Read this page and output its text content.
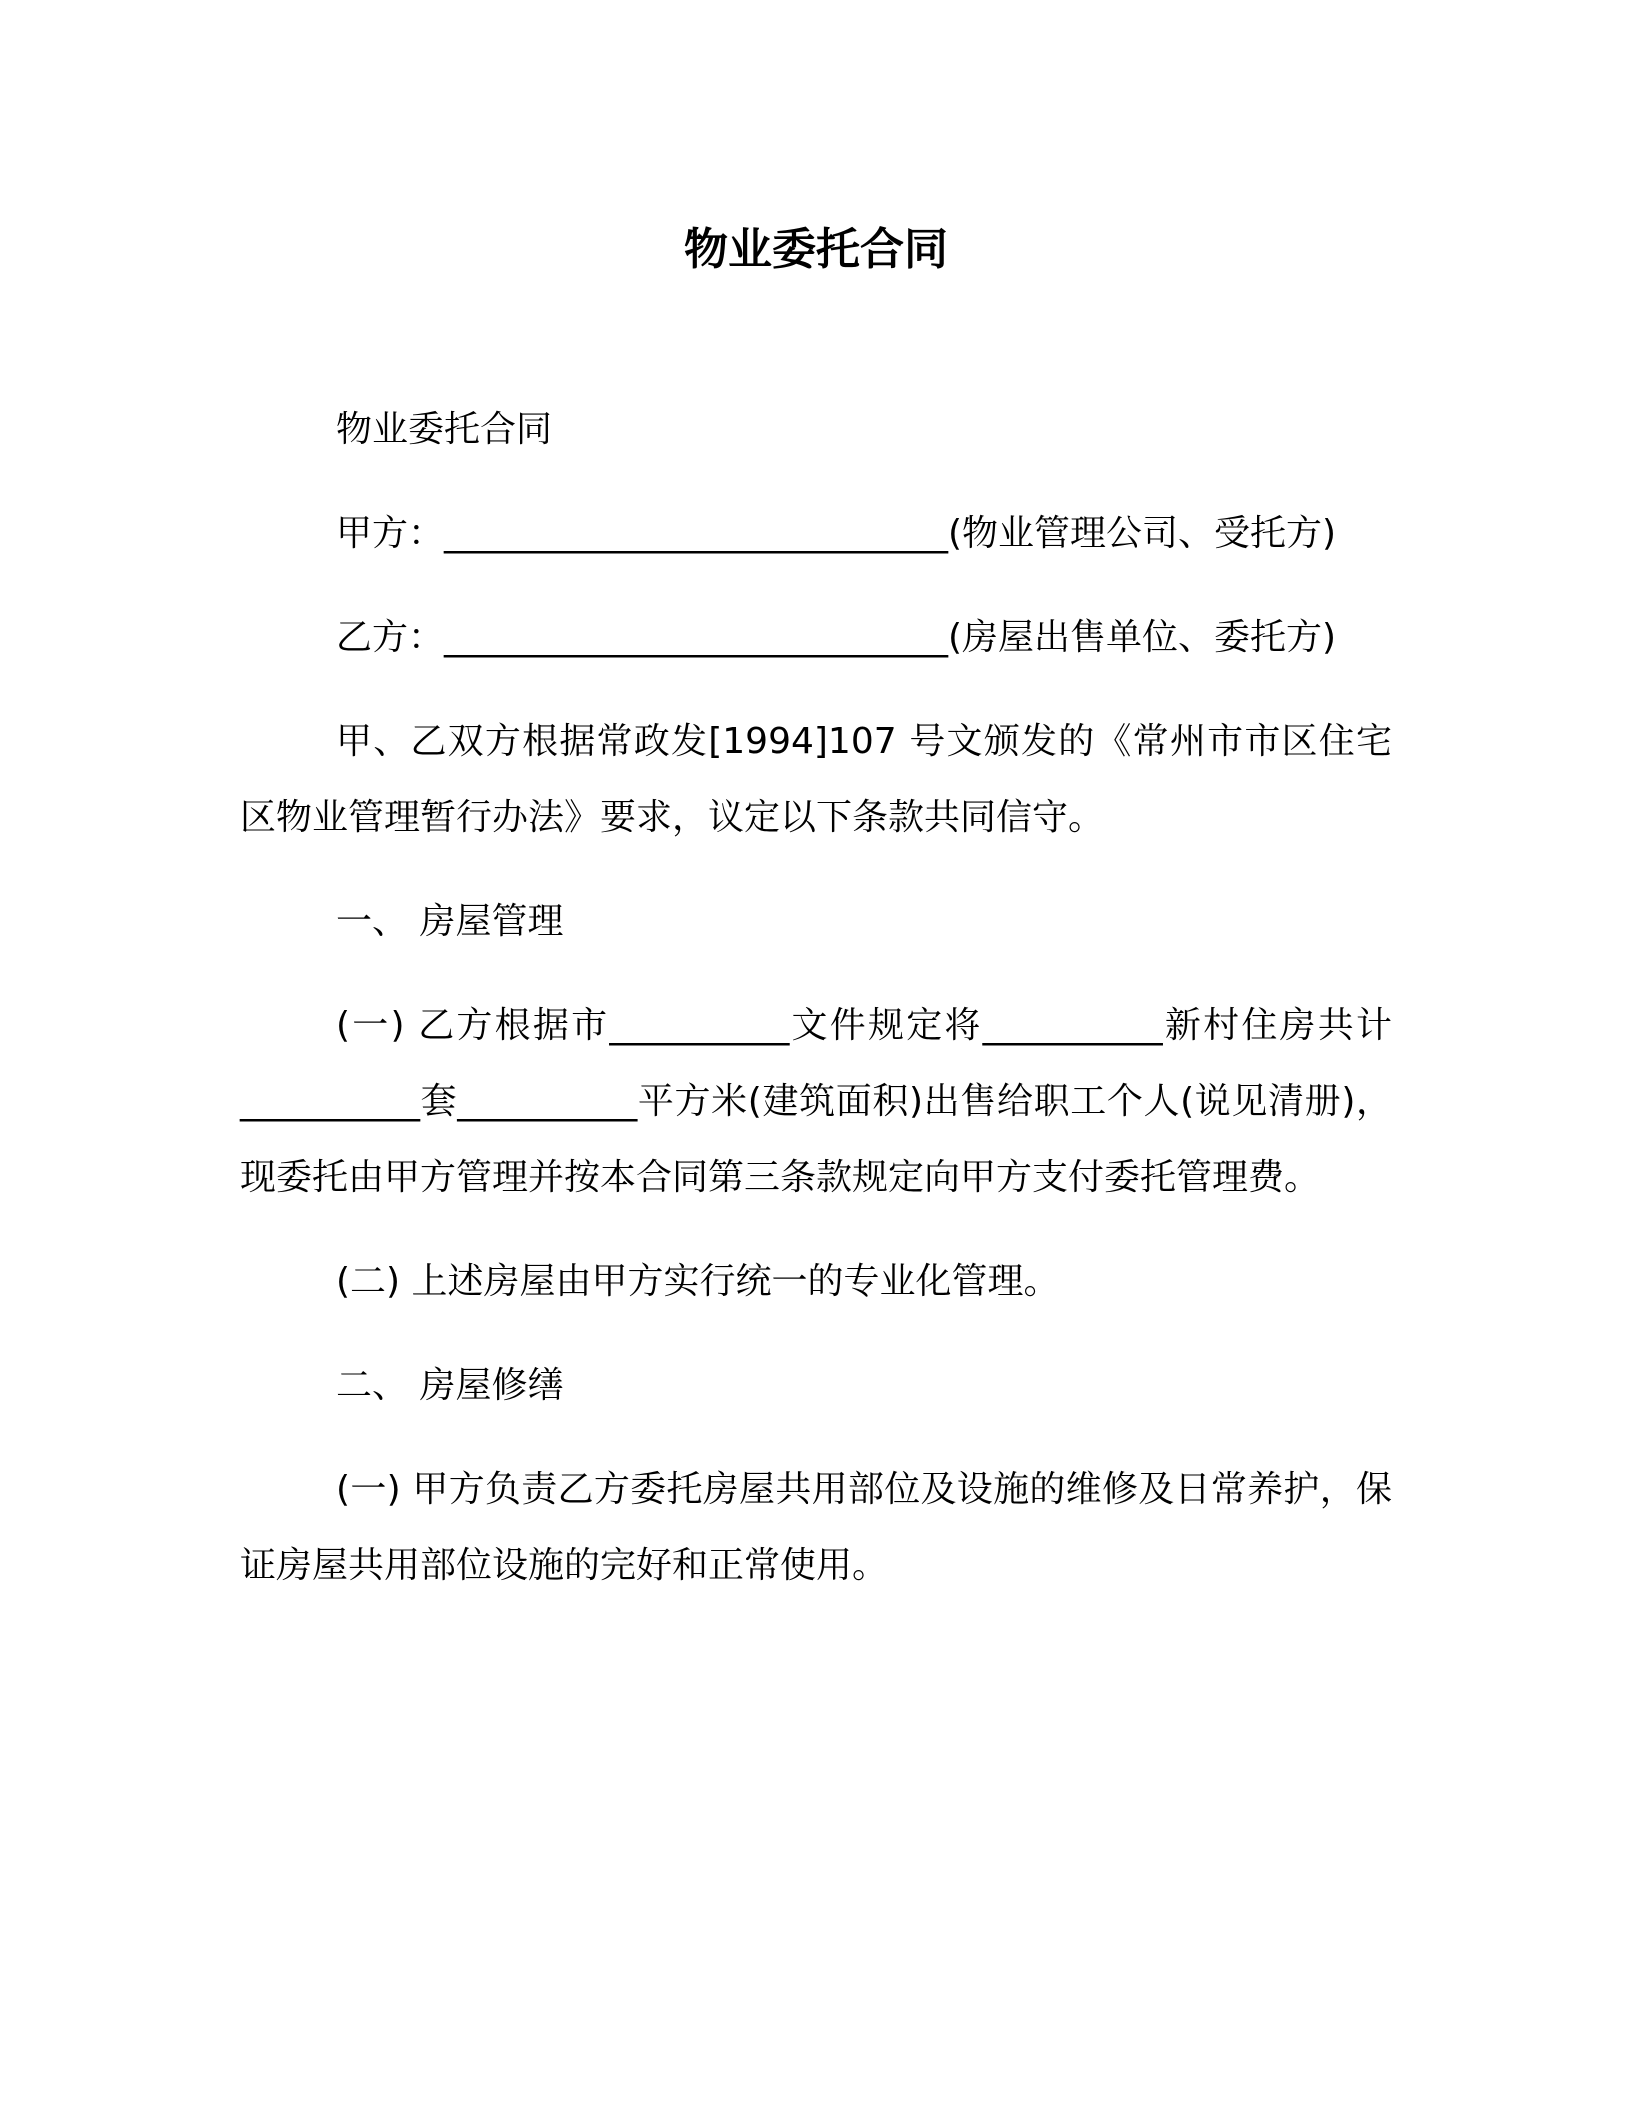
物业委托合同

物业委托合同

甲方：____________________________(物业管理公司、受托方)

乙方：____________________________(房屋出售单位、委托方)

甲、乙双方根据常政发[1994]107 号文颁发的《常州市市区住宅区物业管理暂行办法》要求，议定以下条款共同信守。

一、 房屋管理

(一) 乙方根据市__________文件规定将__________新村住房共计__________套__________平方米(建筑面积)出售给职工个人(说见清册)，现委托由甲方管理并按本合同第三条款规定向甲方支付委托管理费。

(二) 上述房屋由甲方实行统一的专业化管理。

二、 房屋修缮

(一) 甲方负责乙方委托房屋共用部位及设施的维修及日常养护，保证房屋共用部位设施的完好和正常使用。
